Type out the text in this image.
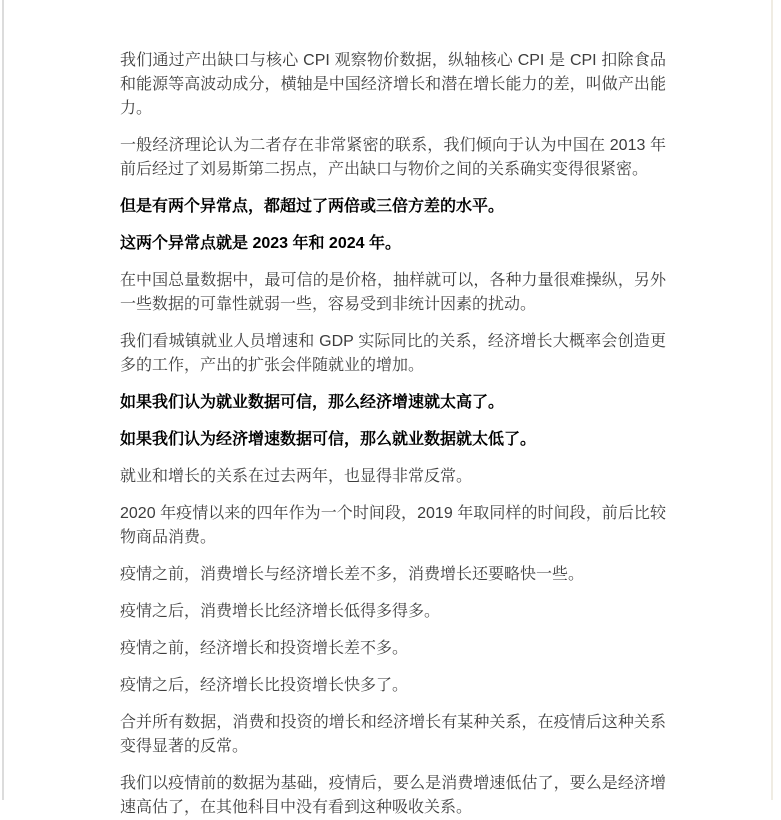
我们通过产出缺口与核心 CPI 观察物价数据，纵轴核心 CPI 是 CPI 扣除食品和能源等高波动成分，横轴是中国经济增长和潜在增长能力的差，叫做产出能力。

一般经济理论认为二者存在非常紧密的联系，我们倾向于认为中国在 2013 年前后经过了刘易斯第二拐点，产出缺口与物价之间的关系确实变得很紧密。

但是有两个异常点，都超过了两倍或三倍方差的水平。

这两个异常点就是 2023 年和 2024 年。

在中国总量数据中，最可信的是价格，抽样就可以，各种力量很难操纵，另外一些数据的可靠性就弱一些，容易受到非统计因素的扰动。

我们看城镇就业人员增速和 GDP 实际同比的关系，经济增长大概率会创造更多的工作，产出的扩张会伴随就业的增加。

如果我们认为就业数据可信，那么经济增速就太高了。

如果我们认为经济增速数据可信，那么就业数据就太低了。

就业和增长的关系在过去两年，也显得非常反常。

2020 年疫情以来的四年作为一个时间段，2019 年取同样的时间段，前后比较物商品消费。

疫情之前，消费增长与经济增长差不多，消费增长还要略快一些。

疫情之后，消费增长比经济增长低得多得多。

疫情之前，经济增长和投资增长差不多。

疫情之后，经济增长比投资增长快多了。

合并所有数据，消费和投资的增长和经济增长有某种关系，在疫情后这种关系变得显著的反常。

我们以疫情前的数据为基础，疫情后，要么是消费增速低估了，要么是经济增速高估了，在其他科目中没有看到这种吸收关系。
